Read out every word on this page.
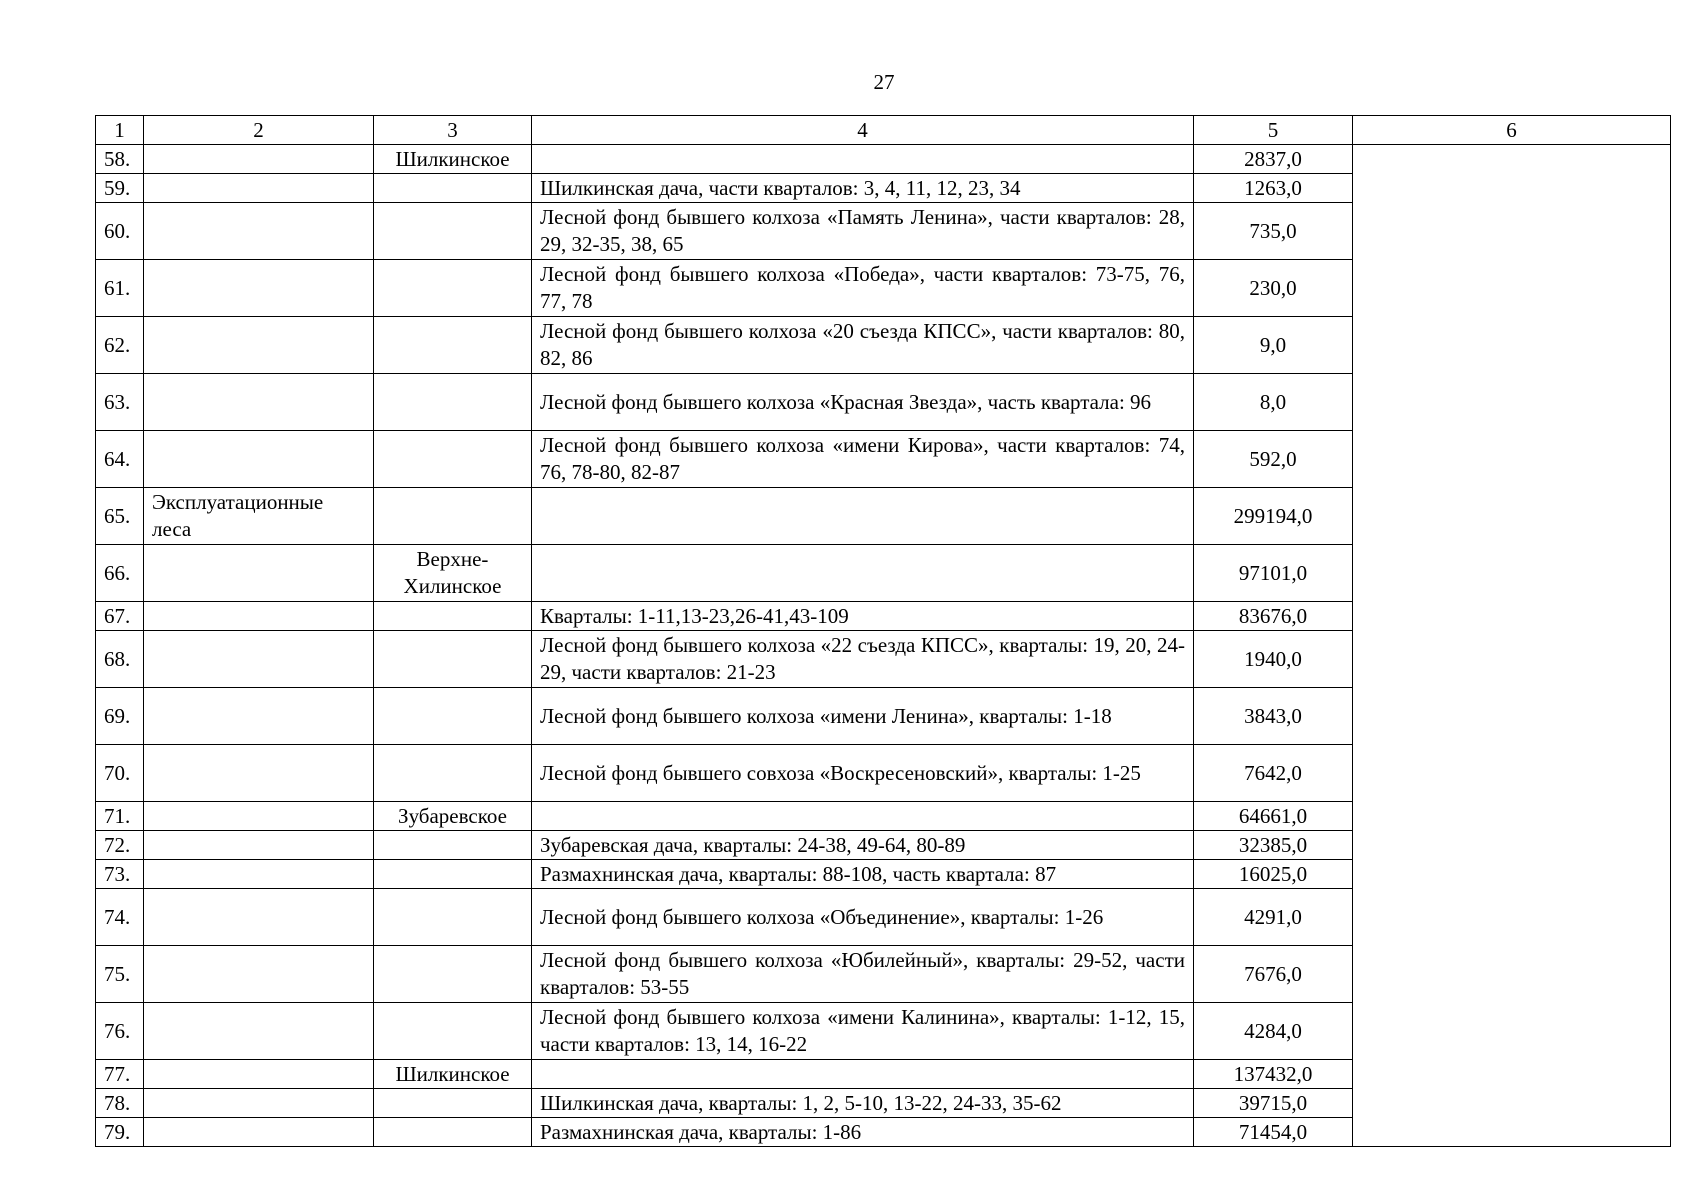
27
1	2	3	4	5	6
58.		Шилкинское		2837,0	
59.			Шилкинская дача, части кварталов: 3, 4, 11, 12, 23, 34	1263,0	
60.			Лесной фонд бывшего колхоза «Память Ленина», части кварталов: 28, 29, 32-35, 38, 65	735,0	
61.			Лесной фонд бывшего колхоза «Победа», части кварталов: 73-75, 76, 77, 78	230,0	
62.			Лесной фонд бывшего колхоза «20 съезда КПСС», части кварталов: 80, 82, 86	9,0	
63.			Лесной фонд бывшего колхоза «Красная Звезда», часть квартала: 96	8,0	
64.			Лесной фонд бывшего колхоза «имени Кирова», части кварталов: 74, 76, 78-80, 82-87	592,0	
65.	Эксплуатационные леса			299194,0	
66.		Верхне-Хилинское		97101,0	
67.			Кварталы: 1-11,13-23,26-41,43-109	83676,0	
68.			Лесной фонд бывшего колхоза «22 съезда КПСС», кварталы: 19, 20, 24-29, части кварталов: 21-23	1940,0	
69.			Лесной фонд бывшего колхоза «имени Ленина», кварталы: 1-18	3843,0	
70.			Лесной фонд бывшего совхоза «Воскресеновский», кварталы: 1-25	7642,0	
71.		Зубаревское		64661,0	
72.			Зубаревская дача, кварталы: 24-38, 49-64, 80-89	32385,0	
73.			Размахнинская дача, кварталы: 88-108, часть квартала: 87	16025,0	
74.			Лесной фонд бывшего колхоза «Объединение», кварталы: 1-26	4291,0	
75.			Лесной фонд бывшего колхоза «Юбилейный», кварталы: 29-52, части кварталов: 53-55	7676,0	
76.			Лесной фонд бывшего колхоза «имени Калинина», кварталы: 1-12, 15, части кварталов: 13, 14, 16-22	4284,0	
77.		Шилкинское		137432,0	
78.			Шилкинская дача, кварталы: 1, 2, 5-10, 13-22, 24-33, 35-62	39715,0	
79.			Размахнинская дача, кварталы: 1-86	71454,0	
